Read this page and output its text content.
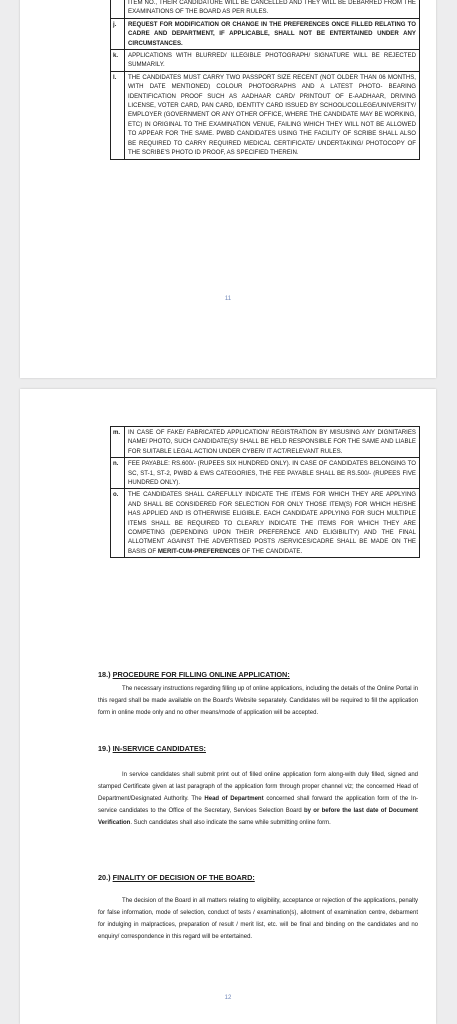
	ITEM NO., THEIR CANDIDATURE WILL BE CANCELLED AND THEY WILL BE DEBARRED FROM THE EXAMINATIONS OF THE BOARD AS PER RULES.
j.	REQUEST FOR MODIFICATION OR CHANGE IN THE PREFERENCES ONCE FILLED RELATING TO CADRE AND DEPARTMENT, IF APPLICABLE, SHALL NOT BE ENTERTAINED UNDER ANY CIRCUMSTANCES.
k.	APPLICATIONS WITH BLURRED/ ILLEGIBLE PHOTOGRAPH/ SIGNATURE WILL BE REJECTED SUMMARILY.
l.	THE CANDIDATES MUST CARRY TWO PASSPORT SIZE RECENT (NOT OLDER THAN 06 MONTHS, WITH DATE MENTIONED) COLOUR PHOTOGRAPHS AND A LATEST PHOTO- BEARING IDENTIFICATION PROOF SUCH AS AADHAAR CARD/ PRINTOUT OF E-AADHAAR, DRIVING LICENSE, VOTER CARD, PAN CARD, IDENTITY CARD ISSUED BY SCHOOL/COLLEGE/UNIVERSITY/ EMPLOYER (GOVERNMENT OR ANY OTHER OFFICE, WHERE THE CANDIDATE MAY BE WORKING, ETC) IN ORIGINAL TO THE EXAMINATION VENUE, FAILING WHICH THEY WILL NOT BE ALLOWED TO APPEAR FOR THE SAME. PWBD CANDIDATES USING THE FACILITY OF SCRIBE SHALL ALSO BE REQUIRED TO CARRY REQUIRED MEDICAL CERTIFICATE/ UNDERTAKING/ PHOTOCOPY OF THE SCRIBE'S PHOTO ID PROOF, AS SPECIFIED THEREIN.
11
m.	IN CASE OF FAKE/ FABRICATED APPLICATION/ REGISTRATION BY MISUSING ANY DIGNITARIES NAME/ PHOTO, SUCH CANDIDATE(S)/ SHALL BE HELD RESPONSIBLE FOR THE SAME AND LIABLE FOR SUITABLE LEGAL ACTION UNDER CYBER/ IT ACT/RELEVANT RULES.
n.	FEE PAYABLE: RS.600/- (RUPEES SIX HUNDRED ONLY). IN CASE OF CANDIDATES BELONGING TO SC, ST-1, ST-2, PWBD & EWS CATEGORIES, THE FEE PAYABLE SHALL BE RS.500/- (RUPEES FIVE HUNDRED ONLY).
o.	THE CANDIDATES SHALL CAREFULLY INDICATE THE ITEMS FOR WHICH THEY ARE APPLYING AND SHALL BE CONSIDERED FOR SELECTION FOR ONLY THOSE ITEM(S) FOR WHICH HE/SHE HAS APPLIED AND IS OTHERWISE ELIGIBLE. EACH CANDIDATE APPLYING FOR SUCH MULTIPLE ITEMS SHALL BE REQUIRED TO CLEARLY INDICATE THE ITEMS FOR WHICH THEY ARE COMPETING (DEPENDING UPON THEIR PREFERENCE AND ELIGIBILITY) AND THE FINAL ALLOTMENT AGAINST THE ADVERTISED POSTS /SERVICES/CADRE SHALL BE MADE ON THE BASIS OF MERIT-CUM-PREFERENCES OF THE CANDIDATE.
18.) PROCEDURE FOR FILLING ONLINE APPLICATION:

The necessary instructions regarding filling up of online applications, including the details of the Online Portal in this regard shall be made available on the Board's Website separately. Candidates will be required to fill the application form in online mode only and no other means/mode of application will be accepted.

19.) IN-SERVICE CANDIDATES:

In service candidates shall submit print out of filled online application form along-with duly filled, signed and stamped Certificate given at last paragraph of the application form through proper channel viz; the concerned Head of Department/Designated Authority. The Head of Department concerned shall forward the application form of the In-service candidates to the Office of the Secretary, Services Selection Board by or before the last date of Document Verification. Such candidates shall also indicate the same while submitting online form.

20.) FINALITY OF DECISION OF THE BOARD:

The decision of the Board in all matters relating to eligibility, acceptance or rejection of the applications, penalty for false information, mode of selection, conduct of tests / examination(s), allotment of examination centre, debarment for indulging in malpractices, preparation of result / merit list, etc. will be final and binding on the candidates and no enquiry/ correspondence in this regard will be entertained.

12
